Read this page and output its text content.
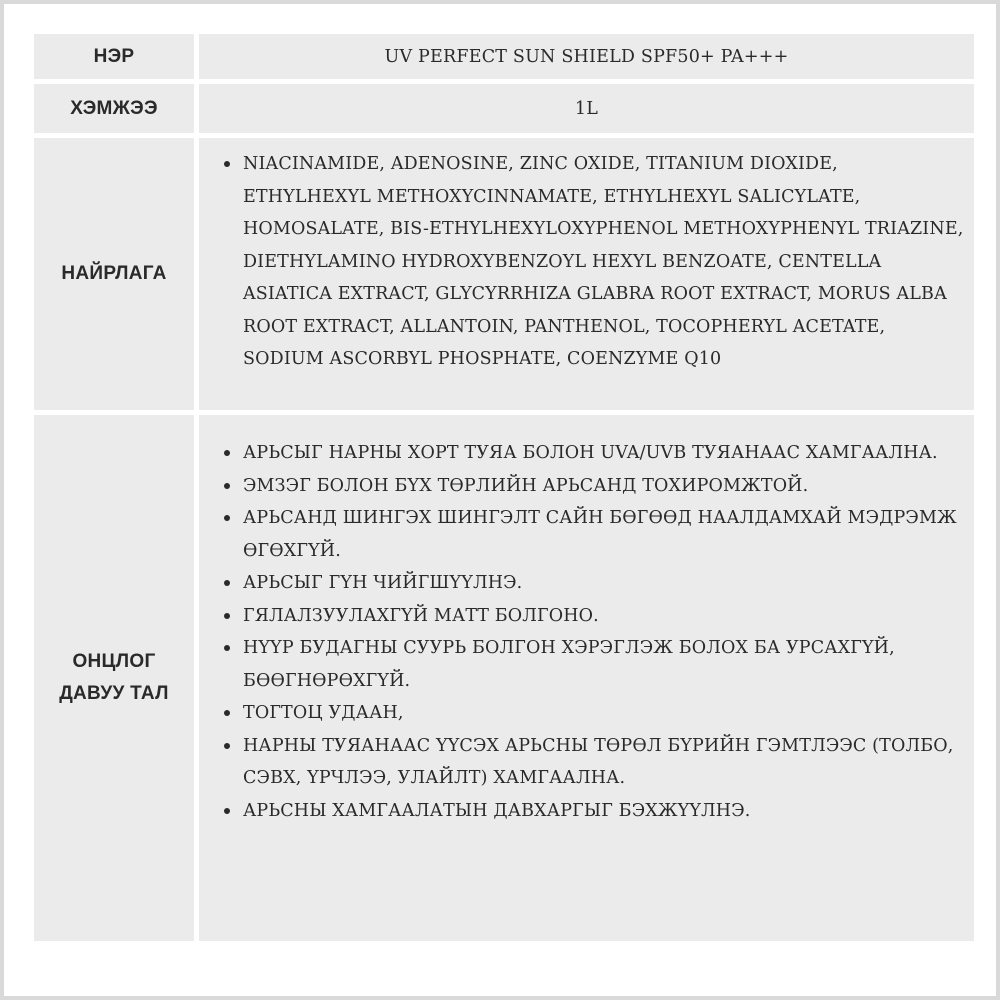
НЭР	UV PERFECT SUN SHIELD SPF50+ PA+++
ХЭМЖЭЭ	1L
НАЙРЛАГА
NIACINAMIDE, ADENOSINE, ZINC OXIDE, TITANIUM DIOXIDE, ETHYLHEXYL METHOXYCINNAMATE, ETHYLHEXYL SALICYLATE, HOMOSALATE, BIS-ETHYLHEXYLOXYPHENOL METHOXYPHENYL TRIAZINE, DIETHYLAMINO HYDROXYBENZOYL HEXYL BENZOATE, CENTELLA ASIATICA EXTRACT, GLYCYRRHIZA GLABRA ROOT EXTRACT, MORUS ALBA ROOT EXTRACT, ALLANTOIN, PANTHENOL, TOCOPHERYL ACETATE, SODIUM ASCORBYL PHOSPHATE, COENZYME Q10
ОНЦЛОГ
ДАВУУ ТАЛ
АРЬСЫГ НАРНЫ ХОРТ ТУЯА БОЛОН UVA/UVB ТУЯАНААС ХАМГААЛНА.
ЭМЗЭГ БОЛОН БҮХ ТӨРЛИЙН АРЬСАНД ТОХИРОМЖТОЙ.
АРЬСАНД ШИНГЭХ ШИНГЭЛТ САЙН БӨГӨӨД НААЛДАМХАЙ МЭДРЭМЖ ӨГӨХГҮЙ.
АРЬСЫГ ГҮН ЧИЙГШҮҮЛНЭ.
ГЯЛАЛЗУУЛАХГҮЙ МАТТ БОЛГОНО.
НҮҮР БУДАГНЫ СУУРЬ БОЛГОН ХЭРЭГЛЭЖ БОЛОХ БА УРСАХГҮЙ, БӨӨГНӨРӨХГҮЙ.
ТОГТОЦ УДААН,
НАРНЫ ТУЯАНААС ҮҮСЭХ АРЬСНЫ ТӨРӨЛ БҮРИЙН ГЭМТЛЭЭС (ТОЛБО, СЭВХ, ҮРЧЛЭЭ, УЛАЙЛТ) ХАМГААЛНА.
АРЬСНЫ ХАМГААЛАТЫН ДАВХАРГЫГ БЭХЖҮҮЛНЭ.
